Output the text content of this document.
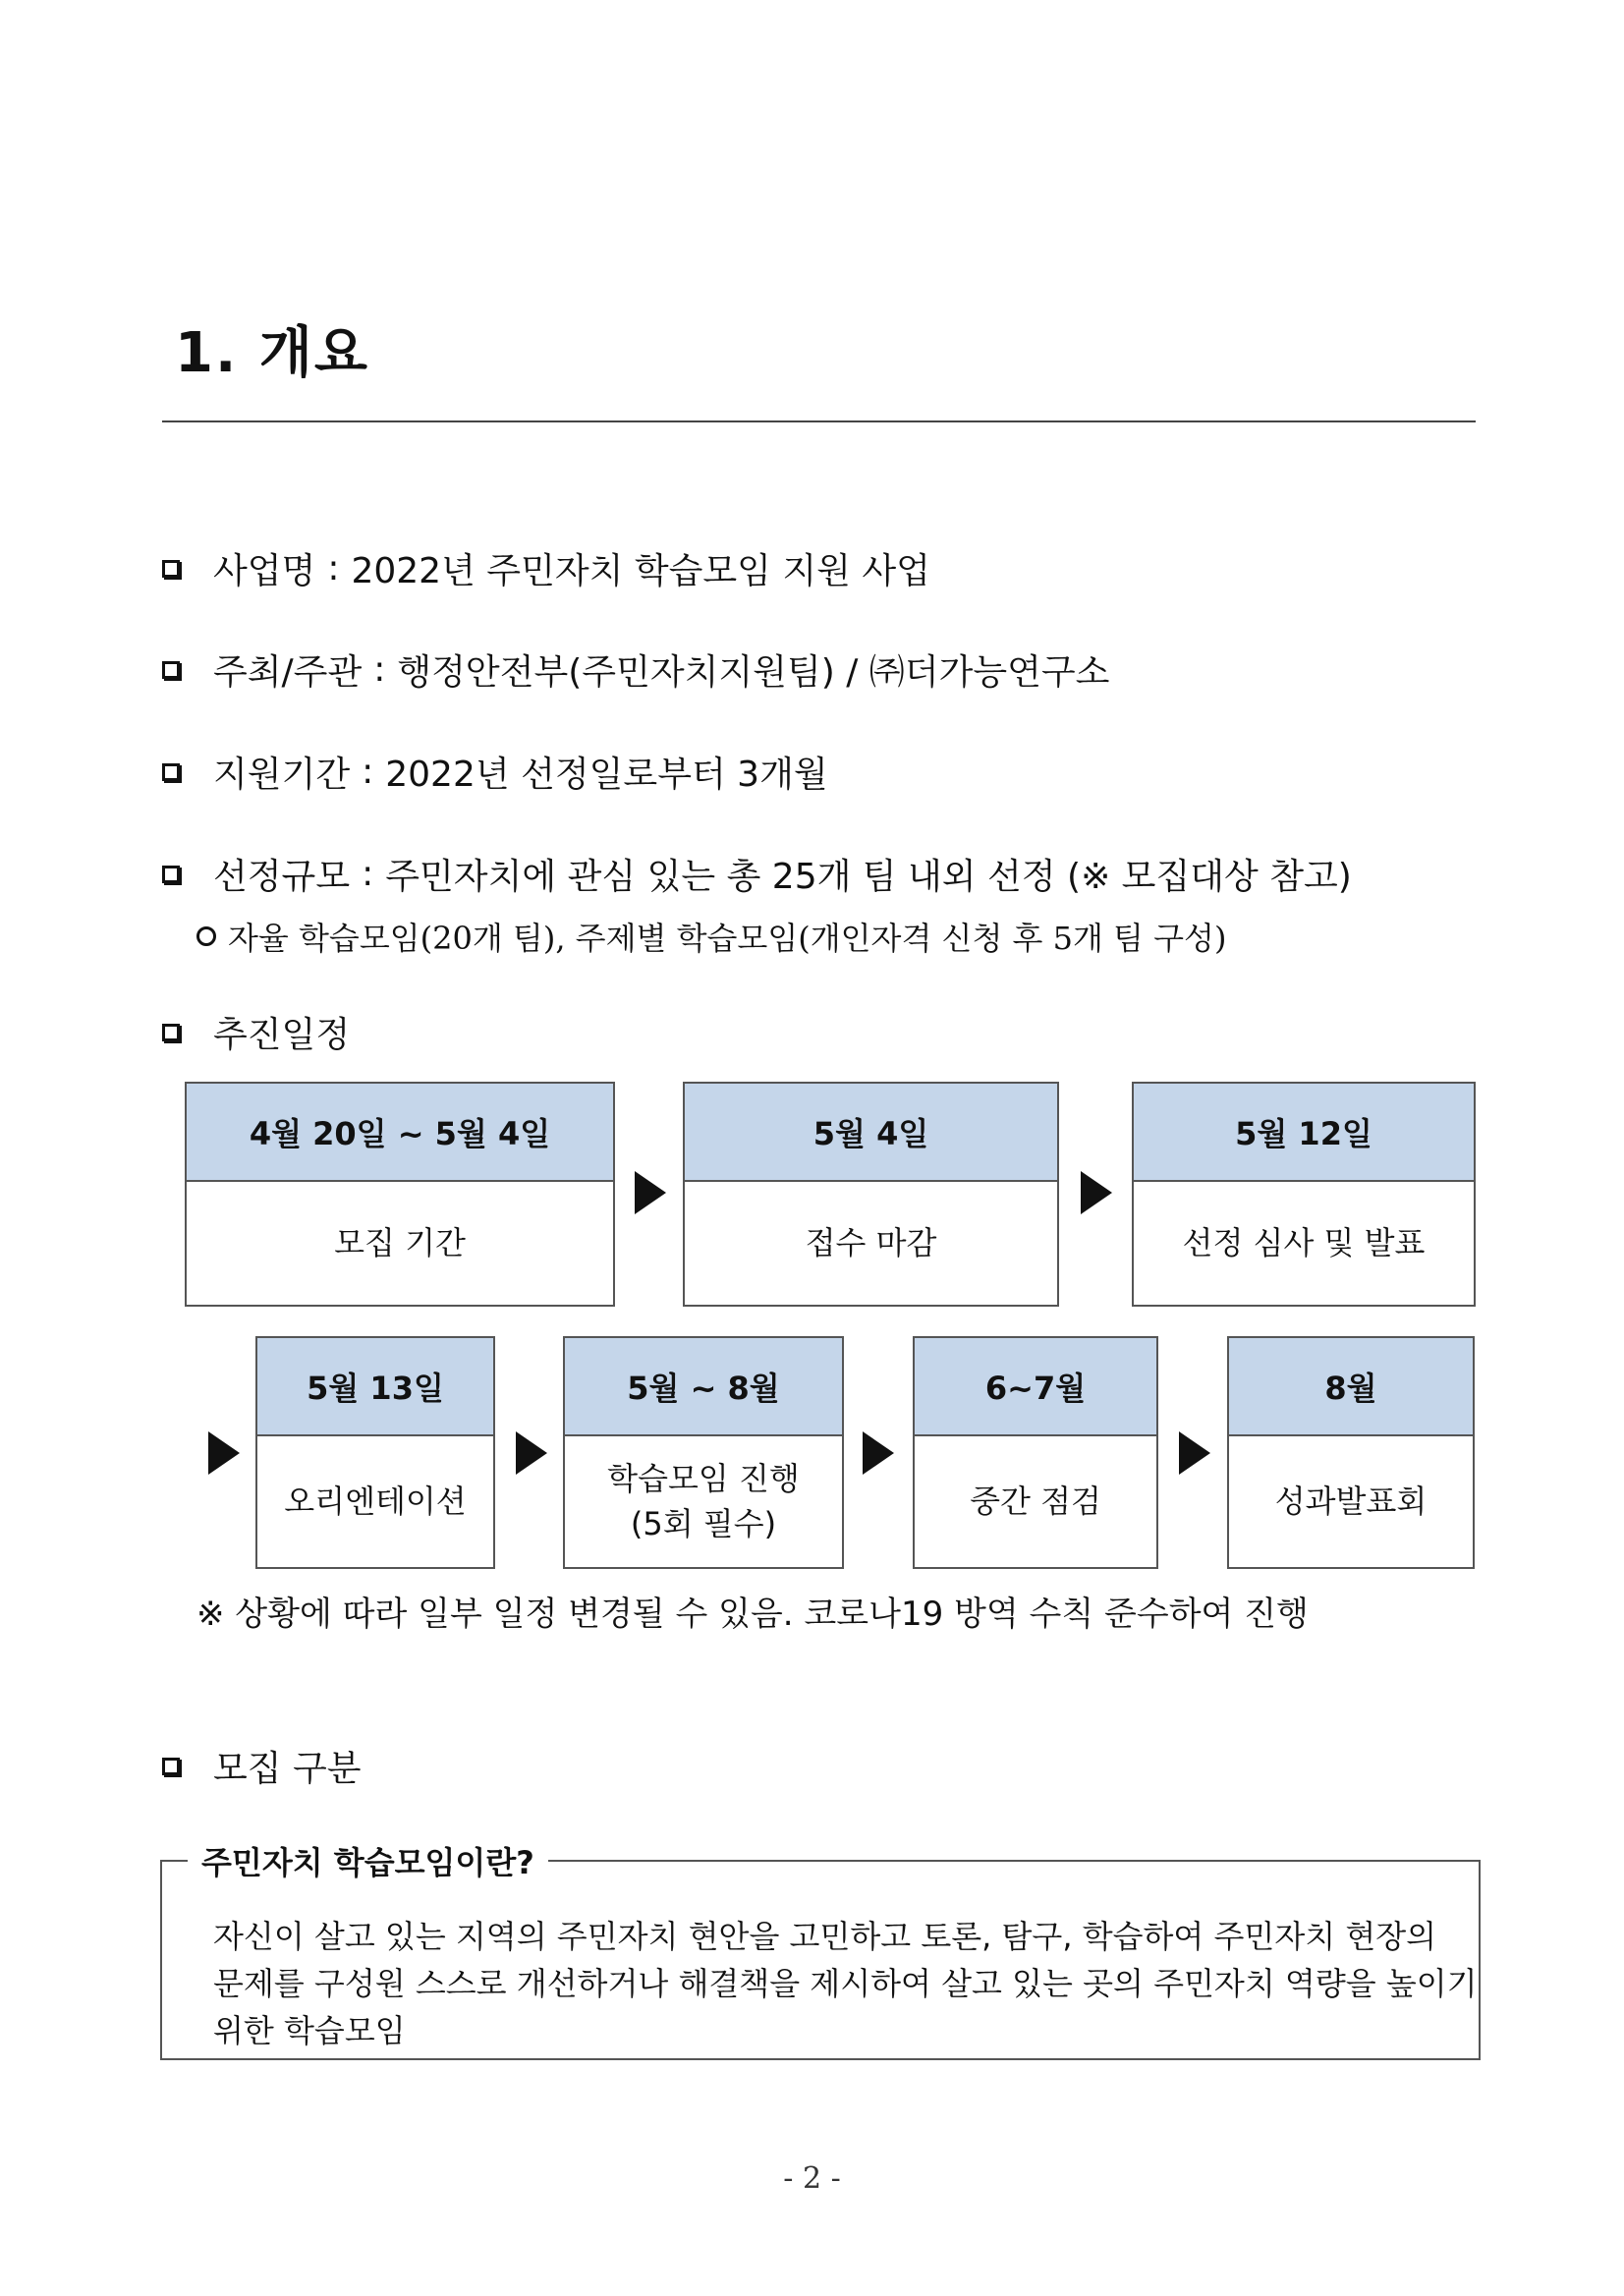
1. 개요
사업명 : 2022년 주민자치 학습모임 지원 사업
주최/주관 : 행정안전부(주민자치지원팀) / ㈜더가능연구소
지원기간 : 2022년 선정일로부터 3개월
선정규모 : 주민자치에 관심 있는 총 25개 팀 내외 선정 (※ 모집대상 참고)
자율 학습모임(20개 팀), 주제별 학습모임(개인자격 신청 후 5개 팀 구성)
추진일정
4월 20일 ~ 5월 4일
모집 기간
5월 4일
접수 마감
5월 12일
선정 심사 및 발표
5월 13일
오리엔테이션
5월 ~ 8월
학습모임 진행
(5회 필수)
6~7월
중간 점검
8월
성과발표회
※ 상황에 따라 일부 일정 변경될 수 있음. 코로나19 방역 수칙 준수하여 진행
모집 구분
주민자치 학습모임이란?
자신이 살고 있는 지역의 주민자치 현안을 고민하고 토론, 탐구, 학습하여 주민자치 현장의
문제를 구성원 스스로 개선하거나 해결책을 제시하여 살고 있는 곳의 주민자치 역량을 높이기
위한 학습모임
- 2 -
